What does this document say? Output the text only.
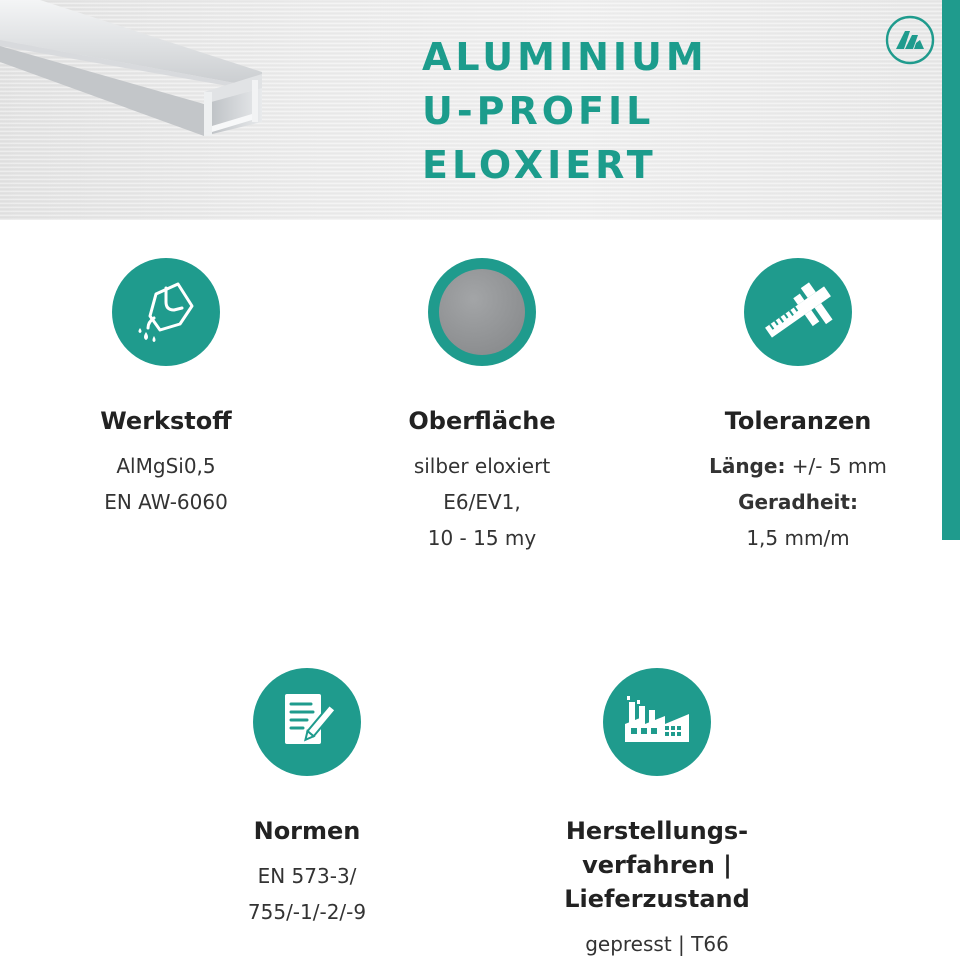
ALUMINIUM
U-PROFIL
ELOXIERT
Werkstoff
AlMgSi0,5
EN AW-6060
Oberfläche
silber eloxiert
E6/EV1,
10 - 15 my
Toleranzen
Länge: +/- 5 mm
Geradheit:
1,5 mm/m
Normen
EN 573-3/
755/-1/-2/-9
Herstellungs-
verfahren |
Lieferzustand
gepresst | T66
